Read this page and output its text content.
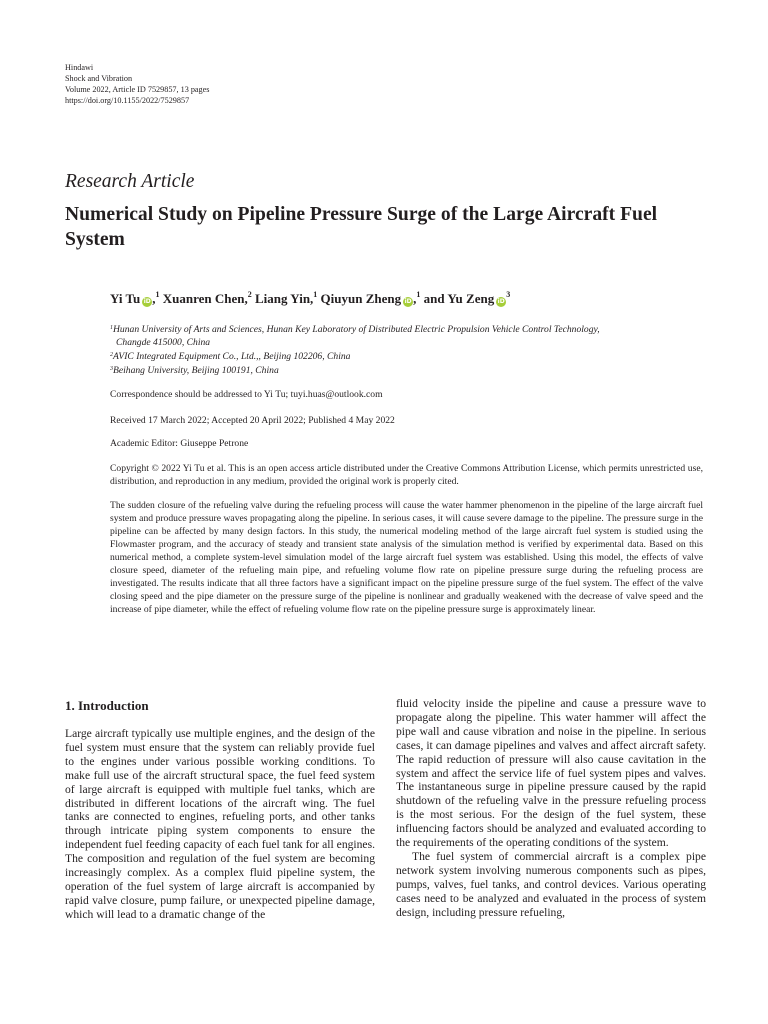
Hindawi
Shock and Vibration
Volume 2022, Article ID 7529857, 13 pages
https://doi.org/10.1155/2022/7529857
Research Article
Numerical Study on Pipeline Pressure Surge of the Large Aircraft Fuel System
Yi Tu iD,$^1$ Xuanren Chen,$^2$ Liang Yin,$^1$ Qiuyun Zheng iD,$^1$ and Yu Zeng $iD^3$
$^1$Hunan University of Arts and Sciences, Hunan Key Laboratory of Distributed Electric Propulsion Vehicle Control Technology,
Changde 415000, China
$^2$AVIC Integrated Equipment Co., Ltd.,, Beijing 102206, China
$^3$Beihang University, Beijing 100191, China
Correspondence should be addressed to Yi Tu; tuyi.huas@outlook.com
Received 17 March 2022; Accepted 20 April 2022; Published 4 May 2022
Academic Editor: Giuseppe Petrone
Copyright © 2022 Yi Tu et al. This is an open access article distributed under the Creative Commons Attribution License, which permits unrestricted use, distribution, and reproduction in any medium, provided the original work is properly cited.

The sudden closure of the refueling valve during the refueling process will cause the water hammer phenomenon in the pipeline of the large aircraft fuel system and produce pressure waves propagating along the pipeline. In serious cases, it will cause severe damage to the pipeline. The pressure surge in the pipeline can be affected by many design factors. In this study, the numerical modeling method of the large aircraft fuel system is studied using the Flowmaster program, and the accuracy of steady and transient state analysis of the simulation method is verified by experimental data. Based on this numerical method, a complete system-level simulation model of the large aircraft fuel system was established. Using this model, the effects of valve closure speed, diameter of the refueling main pipe, and refueling volume flow rate on pipeline pressure surge during the refueling process are investigated. The results indicate that all three factors have a significant impact on the pipeline pressure surge of the fuel system. The effect of the valve closing speed and the pipe diameter on the pressure surge of the pipeline is nonlinear and gradually weakened with the decrease of valve speed and the increase of pipe diameter, while the effect of refueling volume flow rate on the pipeline pressure surge is approximately linear.

1. Introduction

Large aircraft typically use multiple engines, and the design of the fuel system must ensure that the system can reliably provide fuel to the engines under various possible working conditions. To make full use of the aircraft structural space, the fuel feed system of large aircraft is equipped with multiple fuel tanks, which are distributed in different locations of the aircraft wing. The fuel tanks are connected to engines, refueling ports, and other tanks through intricate piping system components to ensure the independent fuel feeding capacity of each fuel tank for all engines. The composition and regulation of the fuel system are becoming increasingly complex. As a complex fluid pipeline system, the operation of the fuel system of large aircraft is accompanied by rapid valve closure, pump failure, or unexpected pipeline damage, which will lead to a dramatic change of the

fluid velocity inside the pipeline and cause a pressure wave to propagate along the pipeline. This water hammer will affect the pipe wall and cause vibration and noise in the pipeline. In serious cases, it can damage pipelines and valves and affect aircraft safety. The rapid reduction of pressure will also cause cavitation in the system and affect the service life of fuel system pipes and valves. The instantaneous surge in pipeline pressure caused by the rapid shutdown of the refueling valve in the pressure refueling process is the most serious. For the design of the fuel system, these influencing factors should be analyzed and evaluated according to the requirements of the operating conditions of the system.

The fuel system of commercial aircraft is a complex pipe network system involving numerous components such as pipes, pumps, valves, fuel tanks, and control devices. Various operating cases need to be analyzed and evaluated in the process of system design, including pressure refueling,
